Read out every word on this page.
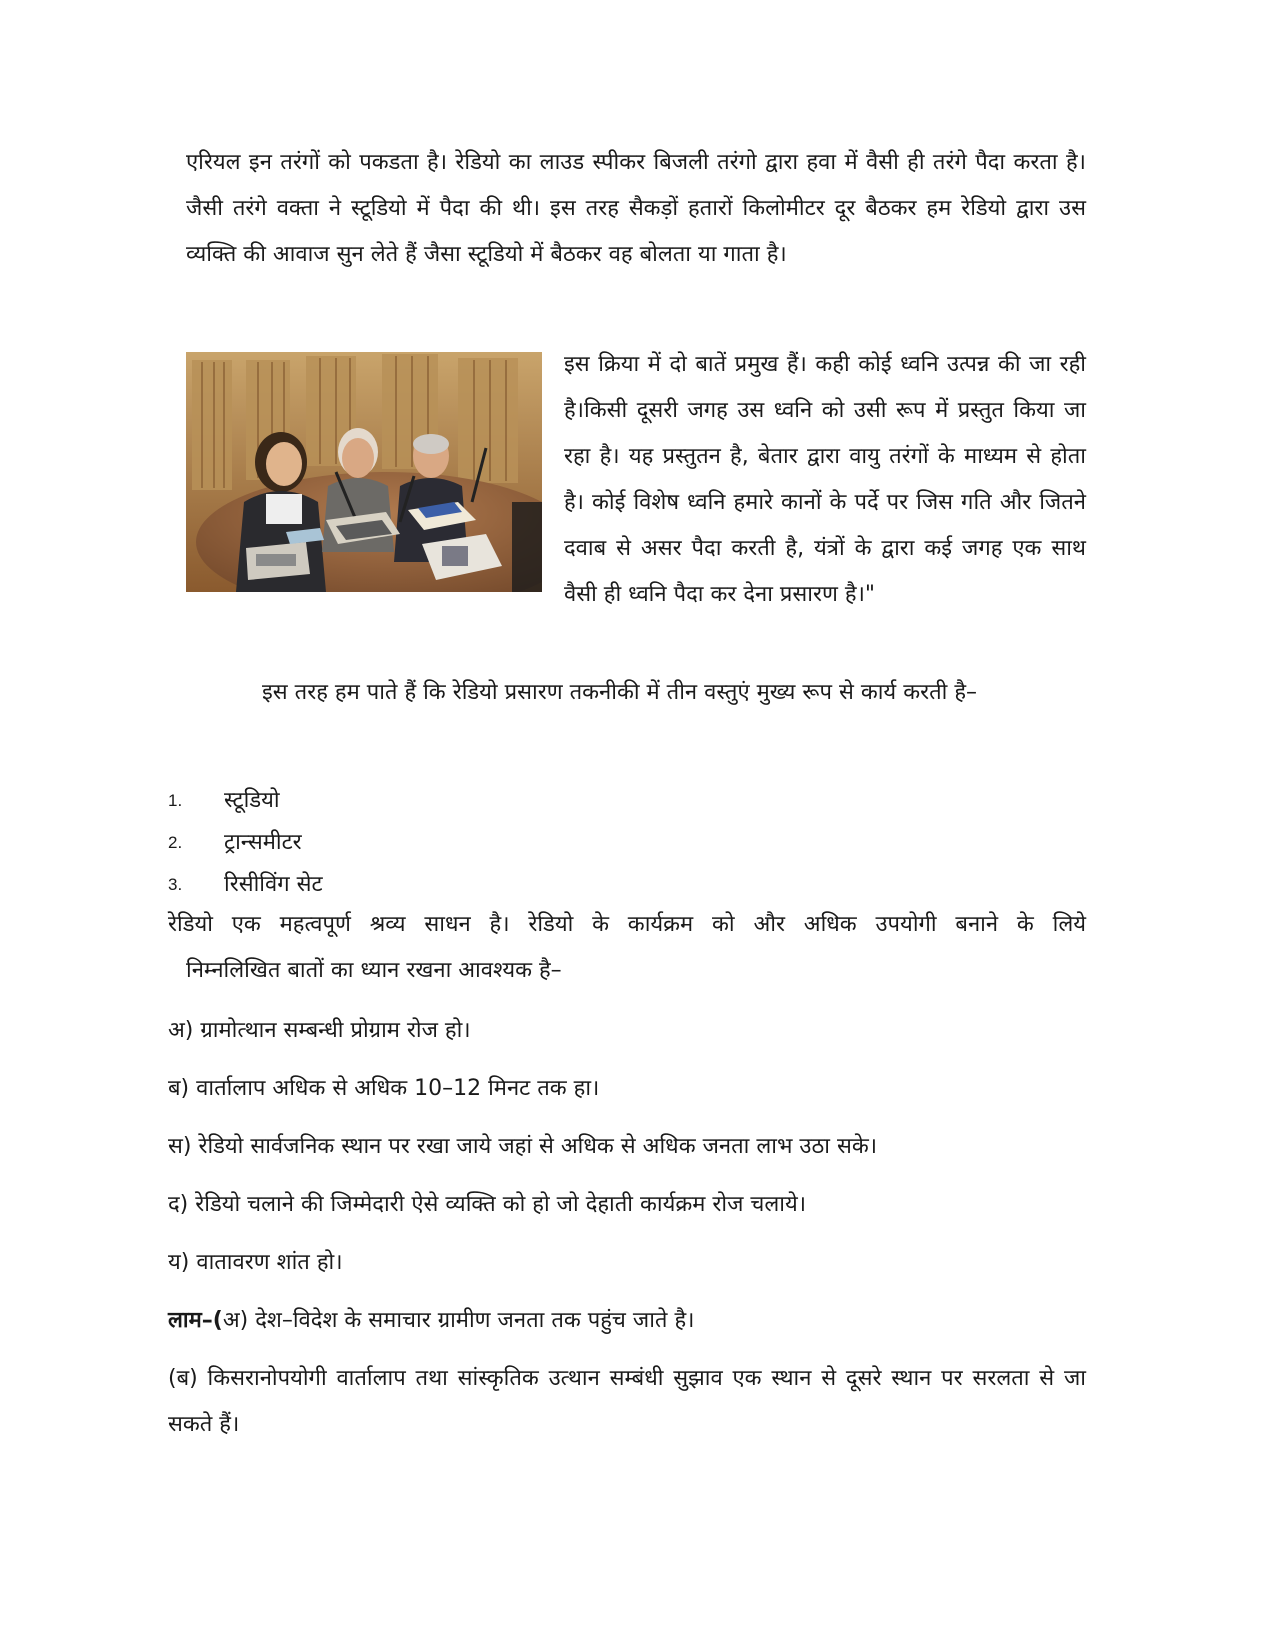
एरियल इन तरंगों को पकडता है। रेडियो का लाउड स्पीकर बिजली तरंगो द्वारा हवा में वैसी ही तरंगे पैदा करता है। जैसी तरंगे वक्ता ने स्टूडियो में पैदा की थी। इस तरह सैकड़ों हतारों किलोमीटर दूर बैठकर हम रेडियो द्वारा उस व्यक्ति की आवाज सुन लेते हैं जैसा स्टूडियो में बैठकर वह बोलता या गाता है।

इस क्रिया में दो बातें प्रमुख हैं। कही कोई ध्वनि उत्पन्न की जा रही है।किसी दूसरी जगह उस ध्वनि को उसी रूप में प्रस्तुत किया जा रहा है। यह प्रस्तुतन है, बेतार द्वारा वायु तरंगों के माध्यम से होता है। कोई विशेष ध्वनि हमारे कानों के पर्दे पर जिस गति और जितने दवाब से असर पैदा करती है, यंत्रों के द्वारा कई जगह एक साथ वैसी ही ध्वनि पैदा कर देना प्रसारण है।"

इस तरह हम पाते हैं कि रेडियो प्रसारण तकनीकी में तीन वस्तुएं मुख्य रूप से कार्य करती है–

1.	स्टूडियो
2.	ट्रान्समीटर
3.	रिसीविंग सेट
रेडियो एक महत्वपूर्ण श्रव्य साधन है। रेडियो के कार्यक्रम को और अधिक उपयोगी बनाने के लिये
निम्नलिखित बातों का ध्यान रखना आवश्यक है–

अ) ग्रामोत्थान सम्बन्धी प्रोग्राम रोज हो।

ब) वार्तालाप अधिक से अधिक 10–12 मिनट तक हा।

स) रेडियो सार्वजनिक स्थान पर रखा जाये जहां से अधिक से अधिक जनता लाभ उठा सके।

द) रेडियो चलाने की जिम्मेदारी ऐसे व्यक्ति को हो जो देहाती कार्यक्रम रोज चलाये।

य) वातावरण शांत हो।

लाम–(अ) देश–विदेश के समाचार ग्रामीण जनता तक पहुंच जाते है।

(ब) किसरानोपयोगी वार्तालाप तथा सांस्कृतिक उत्थान सम्बंधी सुझाव एक स्थान से दूसरे स्थान पर सरलता से जा सकते हैं।
